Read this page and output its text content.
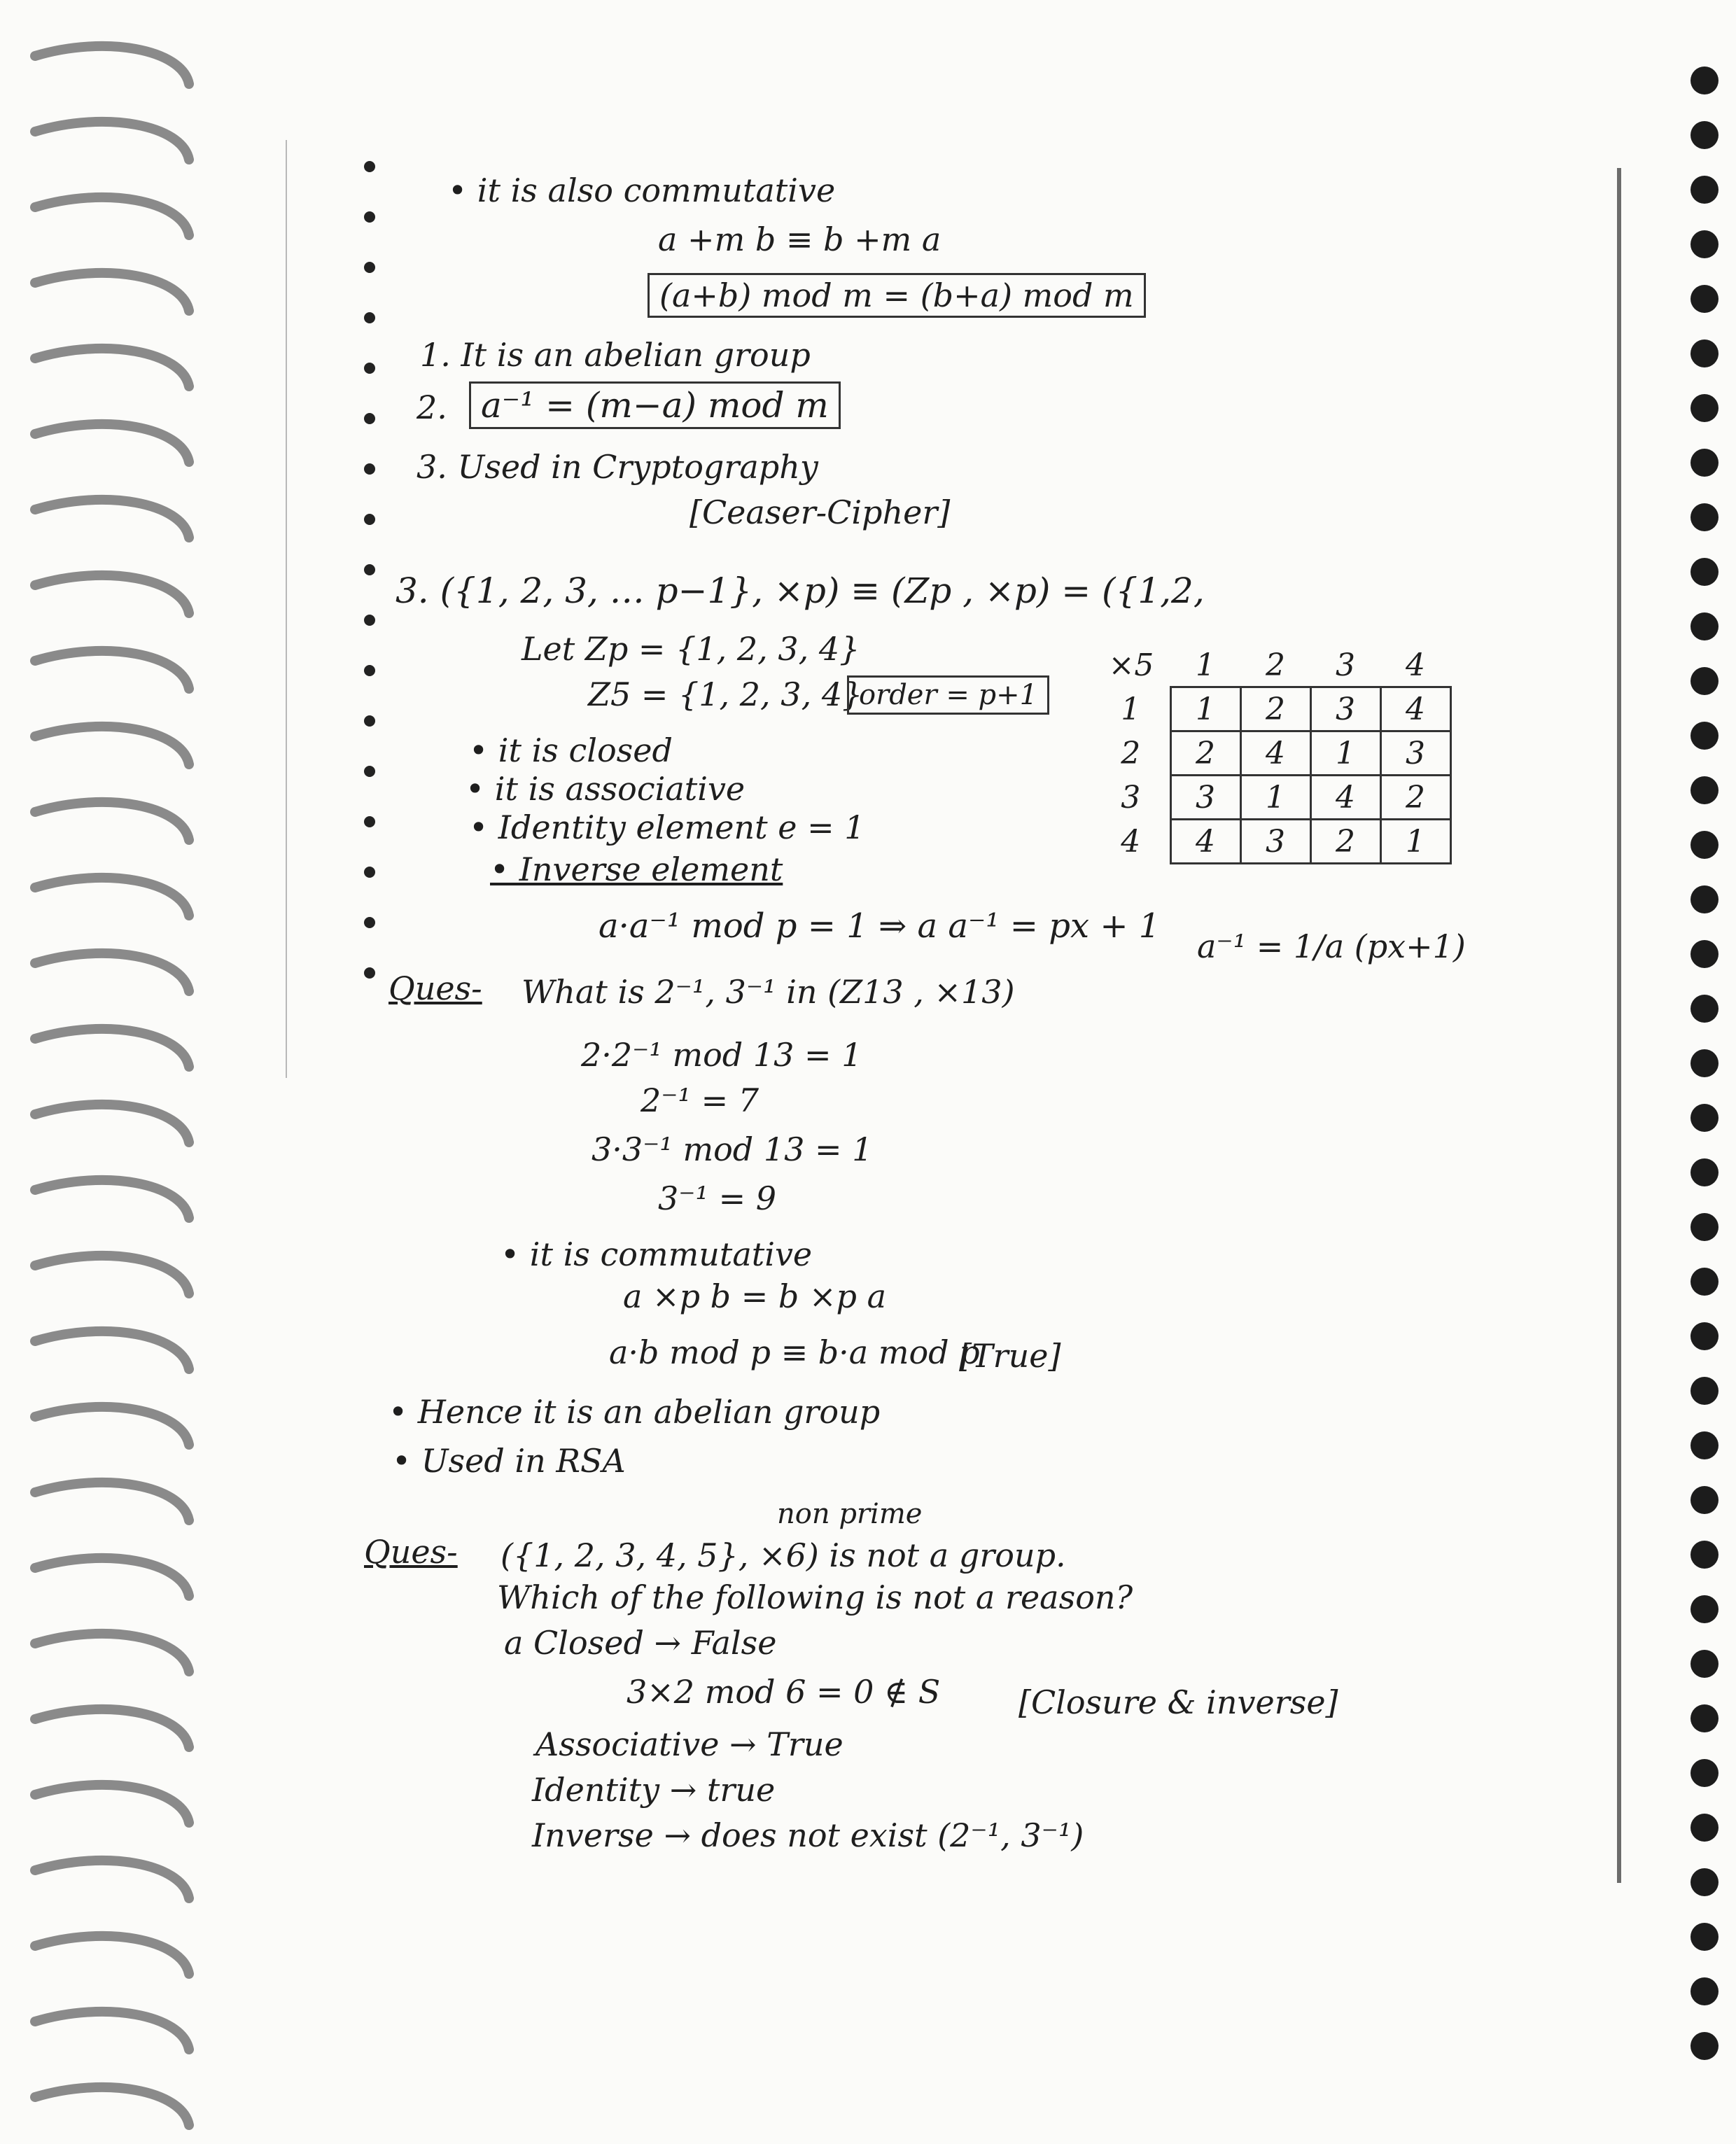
• it is also commutative
a +m b ≡ b +m a
(a+b) mod m = (b+a) mod m
1. It is an abelian group
2. a⁻¹ = (m−a) mod m
3. Used in Cryptography
[Ceaser-Cipher]
3. ({1, 2, 3, … p−1}, ×p) ≡ (Zp , ×p) = ({1,2,
Let Zp = {1, 2, 3, 4}
Z5 = {1, 2, 3, 4}
order = p+1
• it is closed
• it is associative
• Identity element e = 1
• Inverse element
a·a⁻¹ mod p = 1 ⇒ a a⁻¹ = px + 1
a⁻¹ = 1/a (px+1)
×5	1	2	3	4
1	1	2	3	4
2	2	4	1	3
3	3	1	4	2
4	4	3	2	1
Ques- What is 2⁻¹, 3⁻¹ in (Z13 , ×13)
2·2⁻¹ mod 13 = 1
2⁻¹ = 7
3·3⁻¹ mod 13 = 1
3⁻¹ = 9
• it is commutative
a ×p b = b ×p a
a·b mod p ≡ b·a mod p
[True]
• Hence it is an abelian group
• Used in RSA
non prime
Ques- ({1, 2, 3, 4, 5}, ×6) is not a group.
Which of the following is not a reason?
a Closed → False
3×2 mod 6 = 0 ∉ S [Closure & inverse]
Associative → True
Identity → true
Inverse → does not exist (2⁻¹, 3⁻¹)
